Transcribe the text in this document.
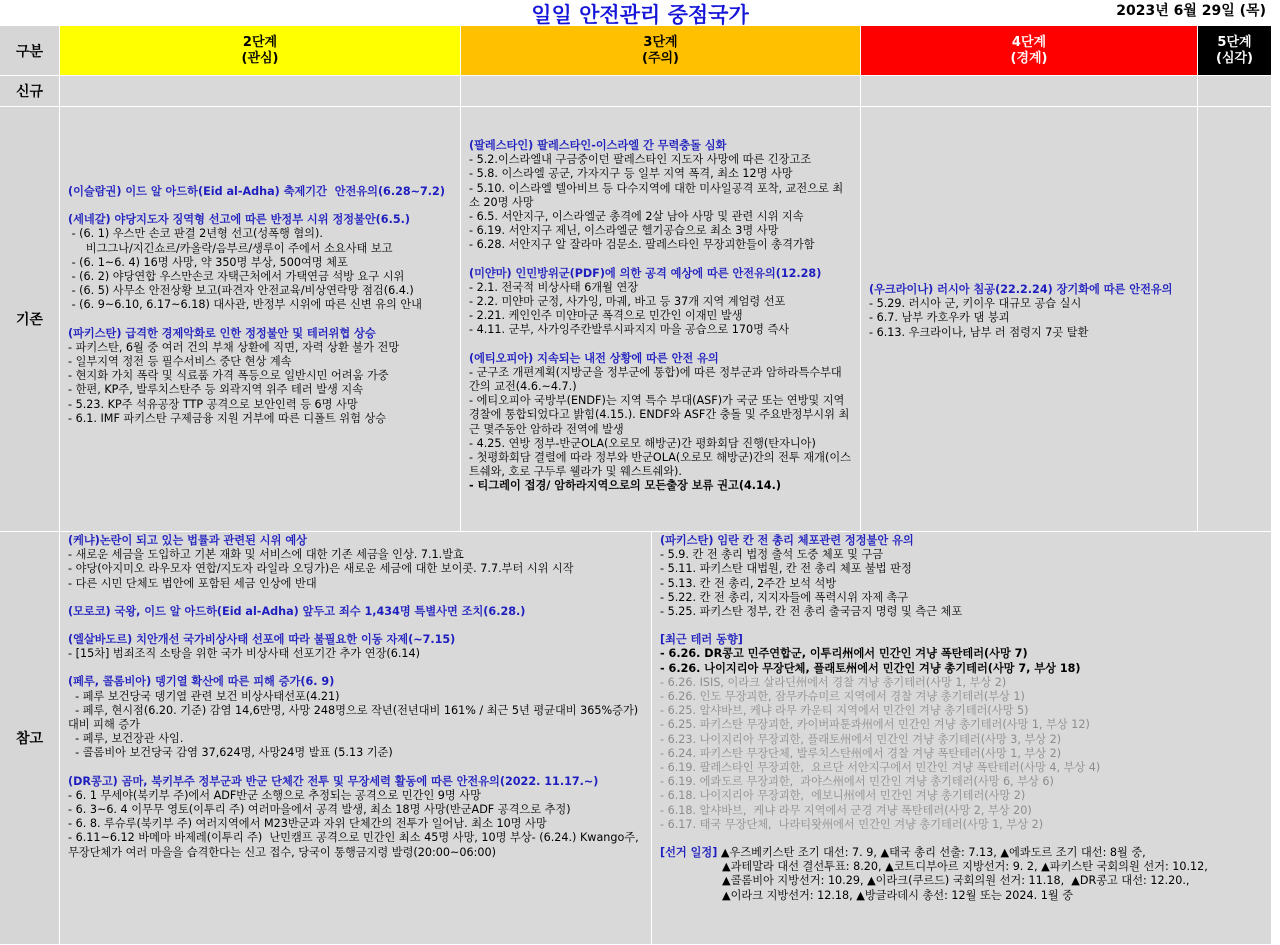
일일 안전관리 중점국가	2023년 6월 29일 (목)
구분
2단계
(관심)
3단계
(주의)
4단계
(경계)
5단계
(심각)
신규
기존

(이슬람권) 이드 알 아드하(Eid al-Adha) 축제기간  안전유의(6.28~7.2)

(세네갈) 야당지도자 징역형 선고에 따른 반정부 시위 정정불안(6.5.)

- (6. 1) 우스만 손코 판결 2년형 선고(성폭행 혐의).

비그그나/지긴쇼르/카올락/음부르/생루이 주에서 소요사태 보고

- (6. 1~6. 4) 16명 사망, 약 350명 부상, 500여명 체포

- (6. 2) 야당연합 우스만손코 자택근처에서 가택연금 석방 요구 시위

- (6. 5) 사무소 안전상황 보고(파견자 안전교육/비상연락망 점검(6.4.)

- (6. 9~6.10, 6.17~6.18) 대사관, 반정부 시위에 따른 신변 유의 안내

(파키스탄) 급격한 경제악화로 인한 정정불안 및 테러위협 상승

- 파키스탄, 6월 중 여러 건의 부채 상환에 직면, 자력 상환 불가 전망

- 일부지역 정전 등 필수서비스 중단 현상 계속

- 현지화 가치 폭락 및 식료품 가격 폭등으로 일반시민 어려움 가중

- 한편, KP주, 발루치스탄주 등 외곽지역 위주 테러 발생 지속

- 5.23. KP주 석유공장 TTP 공격으로 보안인력 등 6명 사망

- 6.1. IMF 파키스탄 구제금융 지원 거부에 따른 디폴트 위험 상승

(팔레스타인) 팔레스타인-이스라엘 간 무력충돌 심화

- 5.2.이스라엘내 구금중이던 팔레스타인 지도자 사망에 따른 긴장고조

- 5.8. 이스라엘 공군, 가자지구 등 일부 지역 폭격, 최소 12명 사망

- 5.10. 이스라엘 텔아비브 등 다수지역에 대한 미사일공격 포착, 교전으로 최소 20명 사망

- 6.5. 서안지구, 이스라엘군 총격에 2살 남아 사망 및 관련 시위 지속

- 6.19. 서안지구 제닌, 이스라엘군 헬기공습으로 최소 3명 사망

- 6.28. 서안지구 알 잘라마 검문소. 팔레스타인 무장괴한들이 총격가함

(미얀마) 인민방위군(PDF)에 의한 공격 예상에 따른 안전유의(12.28)

- 2.1. 전국적 비상사태 6개월 연장

- 2.2. 미얀마 군정, 사가잉, 마궤, 바고 등 37개 지역 계엄령 선포

- 2.21. 케인인주 미얀마군 폭격으로 민간인 이재민 발생

- 4.11. 군부, 사가잉주칸발루시파지지 마을 공습으로 170명 즉사

(에티오피아) 지속되는 내전 상황에 따른 안전 유의

- 군구조 개편계획(지방군을 정부군에 통합)에 따른 정부군과 암하라특수부대간의 교전(4.6.~4.7.)

- 에티오피아 국방부(ENDF)는 지역 특수 부대(ASF)가 국군 또는 연방및 지역 경찰에 통합되었다고 밝힘(4.15.). ENDF와 ASF간 충돌 및 주요반정부시위 최근 몇주동안 암하라 전역에 발생

- 4.25. 연방 정부-반군OLA(오로모 해방군)간 평화회담 진행(탄자니아)

- 첫평화회담 결렬에 따라 정부와 반군OLA(오로모 해방군)간의 전투 재개(이스트쉐와, 호로 구두루 웰라가 및 웨스트쉐와).

- 티그레이 접경/ 암하라지역으로의 모든출장 보류 권고(4.14.)

(우크라이나) 러시아 침공(22.2.24) 장기화에 따른 안전유의

- 5.29. 러시아 군, 키이우 대규모 공습 실시

- 6.7. 남부 카호우카 댐 붕괴

- 6.13. 우크라이나, 남부 러 점령지 7곳 탈환

참고

(케냐)논란이 되고 있는 법률과 관련된 시위 예상

- 새로운 세금을 도입하고 기본 재화 및 서비스에 대한 기존 세금을 인상. 7.1.발효

- 야당(아지미오 라우모자 연합/지도자 라일라 오딩가)은 새로운 세금에 대한 보이콧. 7.7.부터 시위 시작

- 다른 시민 단체도 법안에 포함된 세금 인상에 반대

(모로코) 국왕, 이드 알 아드하(Eid al-Adha) 앞두고 죄수 1,434명 특별사면 조치(6.28.)

(엘살바도르) 치안개선 국가비상사태 선포에 따라 불필요한 이동 자제(~7.15)

- [15차] 범죄조직 소탕을 위한 국가 비상사태 선포기간 추가 연장(6.14)

(페루, 콜롬비아) 뎅기열 확산에 따른 피해 증가(6. 9)

- 페루 보건당국 뎅기열 관련 보건 비상사태선포(4.21)

- 페루, 현시점(6.20. 기준) 감염 14,6만명, 사망 248명으로 작년(전년대비 161% / 최근 5년 평균대비 365%증가) 대비 피해 증가

- 페루, 보건장관 사임.

- 콜롬비아 보건당국 감염 37,624명, 사망24명 발표 (5.13 기준)

(DR콩고) 곰마, 북키부주 정부군과 반군 단체간 전투 및 무장세력 활동에 따른 안전유의(2022. 11.17.~)

- 6. 1 무세야(북키부 주)에서 ADF반군 소행으로 추정되는 공격으로 민간인 9명 사망

- 6. 3~6. 4 이무무 영토(이투리 주) 여러마을에서 공격 발생, 최소 18명 사망(반군ADF 공격으로 추정)

- 6. 8. 루슈루(북키부 주) 여러지역에서 M23반군과 자위 단체간의 전투가 일어남. 최소 10명 사망

- 6.11~6.12 바메마 바제레(이투리 주)  난민캠프 공격으로 민간인 최소 45명 사망, 10명 부상- (6.24.) Kwango주, 무장단체가 여러 마을을 습격한다는 신고 접수, 당국이 통행금지령 발령(20:00~06:00)

(파키스탄) 임란 칸 전 총리 체포관련 정정불안 유의

- 5.9. 칸 전 총리 법정 출석 도중 체포 및 구금

- 5.11. 파키스탄 대법원, 칸 전 총리 체포 불법 판정

- 5.13. 칸 전 총리, 2주간 보석 석방

- 5.22. 칸 전 총리, 지지자들에 폭력시위 자제 촉구

- 5.25. 파키스탄 정부, 칸 전 총리 출국금지 명령 및 측근 체포

[최근 테러 동향]

- 6.26. DR콩고 민주연합군, 이투리州에서 민간인 겨냥 폭탄테러(사망 7)

- 6.26. 나이지리아 무장단체, 플래토州에서 민간인 겨냥 총기테러(사망 7, 부상 18)

- 6.26. ISIS, 이라크 살라딘州에서 경찰 겨냥 총기테러(사망 1, 부상 2)

- 6.26. 인도 무장괴한, 잠무카슈미르 지역에서 경찰 겨냥 총기테러(부상 1)

- 6.25. 알샤바브, 케냐 라무 카운티 지역에서 민간인 겨냥 총기테러(사망 5)

- 6.25. 파키스탄 무장괴한, 카이버파툰콰州에서 민간인 겨냥 총기테러(사망 1, 부상 12)

- 6.23. 나이지리아 무장괴한, 플래토州에서 민간인 겨냥 총기테러(사망 3, 부상 2)

- 6.24. 파키스탄 무장단체, 발루치스탄州에서 경찰 겨냥 폭탄테러(사망 1, 부상 2)

- 6.19. 팔레스타인 무장괴한,  요르단 서안지구에서 민간인 겨냥 폭탄테러(사망 4, 부상 4)

- 6.19. 에콰도르 무장괴한,  과야스州에서 민간인 겨냥 총기테러(사망 6, 부상 6)

- 6.18. 나이지리아 무장괴한,  에보니州에서 민간인 겨냥 총기테러(사망 2)

- 6.18. 알샤바브,  케냐 라무 지역에서 군경 겨냥 폭탄테러(사망 2, 부상 20)

- 6.17. 태국 무장단체,  나라티왓州에서 민간인 겨냥 총기테러(사망 1, 부상 2)

[선거 일정] ▲우즈베키스탄 조기 대선: 7. 9, ▲태국 총리 선출: 7.13, ▲에콰도르 조기 대선: 8월 중,

▲과테말라 대선 결선투표: 8.20, ▲코트디부아르 지방선거: 9. 2, ▲파키스탄 국회의원 선거: 10.12,

▲콜롬비아 지방선거: 10.29, ▲이라크(쿠르드) 국회의원 선거: 11.18,  ▲DR콩고 대선: 12.20.,

▲이라크 지방선거: 12.18, ▲방글라데시 총선: 12월 또는 2024. 1월 중
